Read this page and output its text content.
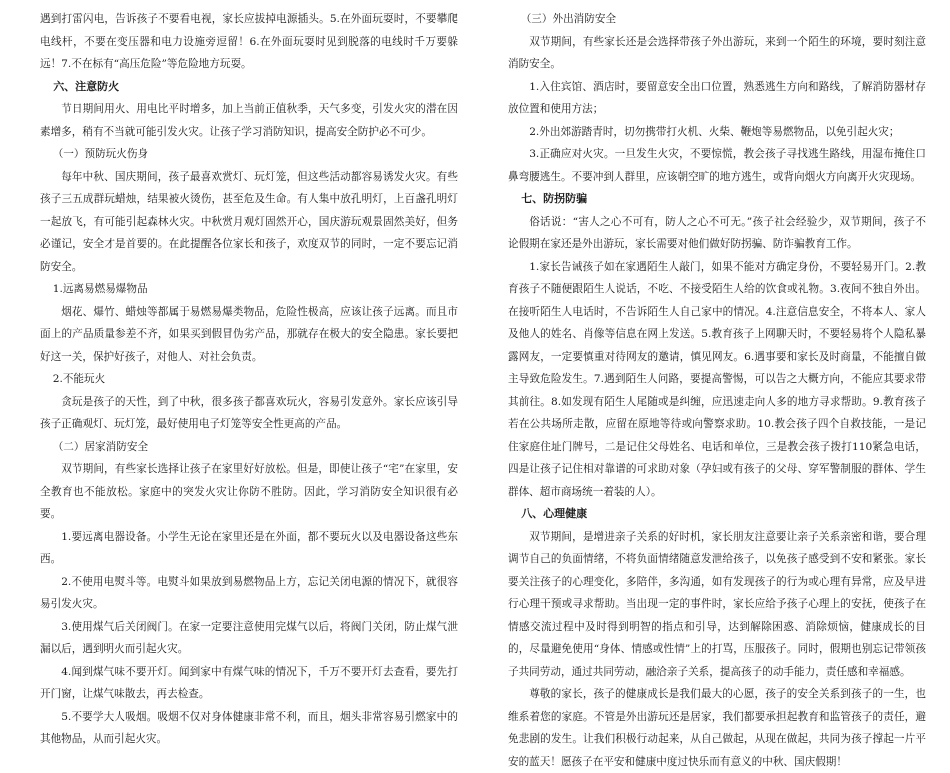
遇到打雷闪电，告诉孩子不要看电视，家长应拔掉电源插头。5.在外面玩耍时，不要攀爬电线杆，不要在变压器和电力设施旁逗留！6.在外面玩耍时见到脱落的电线时千万要躲远！7.不在标有“高压危险”等危险地方玩耍。

六、注意防火

节日期间用火、用电比平时增多，加上当前正值秋季，天气多变，引发火灾的潜在因素增多，稍有不当就可能引发火灾。让孩子学习消防知识，提高安全防护必不可少。

（一）预防玩火伤身

每年中秋、国庆期间，孩子最喜欢赏灯、玩灯笼，但这些活动都容易诱发火灾。有些孩子三五成群玩蜡烛，结果被火烫伤，甚至危及生命。有人集中放孔明灯，上百盏孔明灯一起放飞，有可能引起森林火灾。中秋赏月观灯固然开心，国庆游玩观景固然美好，但务必谨记，安全才是首要的。在此提醒各位家长和孩子，欢度双节的同时，一定不要忘记消防安全。

1.远离易燃易爆物品

烟花、爆竹、蜡烛等都属于易燃易爆类物品，危险性极高，应该让孩子远离。而且市面上的产品质量参差不齐，如果买到假冒伪劣产品，那就存在极大的安全隐患。家长要把好这一关，保护好孩子，对他人、对社会负责。

2.不能玩火

贪玩是孩子的天性，到了中秋，很多孩子都喜欢玩火，容易引发意外。家长应该引导孩子正确观灯、玩灯笼，最好使用电子灯笼等安全性更高的产品。

（二）居家消防安全

双节期间，有些家长选择让孩子在家里好好放松。但是，即使让孩子“宅”在家里，安全教育也不能放松。家庭中的突发火灾让你防不胜防。因此，学习消防安全知识很有必要。

1.要远离电器设备。小学生无论在家里还是在外面，都不要玩火以及电器设备这些东西。

2.不使用电熨斗等。电熨斗如果放到易燃物品上方，忘记关闭电源的情况下，就很容易引发火灾。

3.使用煤气后关闭阀门。在家一定要注意使用完煤气以后，将阀门关闭，防止煤气泄漏以后，遇到明火而引起火灾。

4.闻到煤气味不要开灯。闻到家中有煤气味的情况下，千万不要开灯去查看，要先打开门窗，让煤气味散去，再去检查。

5.不要学大人吸烟。吸烟不仅对身体健康非常不利，而且，烟头非常容易引燃家中的其他物品，从而引起火灾。

（三）外出消防安全

双节期间，有些家长还是会选择带孩子外出游玩，来到一个陌生的环境，要时刻注意消防安全。

1.入住宾馆、酒店时，要留意安全出口位置，熟悉逃生方向和路线，了解消防器材存放位置和使用方法；

2.外出郊游踏青时，切勿携带打火机、火柴、鞭炮等易燃物品，以免引起火灾；

3.正确应对火灾。一旦发生火灾，不要惊慌，教会孩子寻找逃生路线，用湿布掩住口鼻弯腰逃生。不要冲到人群里，应该朝空旷的地方逃生，或背向烟火方向离开火灾现场。

七、防拐防骗

俗话说：“害人之心不可有，防人之心不可无。”孩子社会经验少，双节期间，孩子不论假期在家还是外出游玩，家长需要对他们做好防拐骗、防诈骗教育工作。

1.家长告诫孩子如在家遇陌生人敲门，如果不能对方确定身份，不要轻易开门。2.教育孩子不随便跟陌生人说话，不吃、不接受陌生人给的饮食或礼物。3.夜间不独自外出。在接听陌生人电话时，不告诉陌生人自己家中的情况。4.注意信息安全，不将本人、家人及他人的姓名、肖像等信息在网上发送。5.教育孩子上网聊天时，不要轻易将个人隐私暴露网友，一定要慎重对待网友的邀请，慎见网友。6.遇事要和家长及时商量，不能擅自做主导致危险发生。7.遇到陌生人问路，要提高警惕，可以告之大概方向，不能应其要求带其前往。8.如发现有陌生人尾随或是纠缠，应迅速走向人多的地方寻求帮助。9.教育孩子若在公共场所走散，应留在原地等待或向警察求助。10.教会孩子四个自救技能，一是记住家庭住址门牌号，二是记住父母姓名、电话和单位，三是教会孩子拨打110紧急电话，四是让孩子记住相对靠谱的可求助对象（孕妇或有孩子的父母、穿军警制服的群体、学生群体、超市商场统一着装的人）。

八、心理健康

双节期间，是增进亲子关系的好时机，家长朋友注意要让亲子关系亲密和谐，要合理调节自己的负面情绪，不将负面情绪随意发泄给孩子，以免孩子感受到不安和紧张。家长要关注孩子的心理变化，多陪伴，多沟通，如有发现孩子的行为或心理有异常，应及早进行心理干预或寻求帮助。当出现一定的事件时，家长应给予孩子心理上的安抚，使孩子在情感交流过程中及时得到明智的指点和引导，达到解除困惑、消除烦恼，健康成长的目的，尽量避免使用“身体、情感或性情”上的打骂，压服孩子。同时，假期也别忘记带领孩子共同劳动，通过共同劳动，融洽亲子关系，提高孩子的动手能力，责任感和幸福感。

尊敬的家长，孩子的健康成长是我们最大的心愿，孩子的安全关系到孩子的一生，也维系着您的家庭。不管是外出游玩还是居家，我们都要承担起教育和监管孩子的责任，避免悲剧的发生。让我们积极行动起来，从自己做起，从现在做起，共同为孩子撑起一片平安的蓝天！愿孩子在平安和健康中度过快乐而有意义的中秋、国庆假期！
